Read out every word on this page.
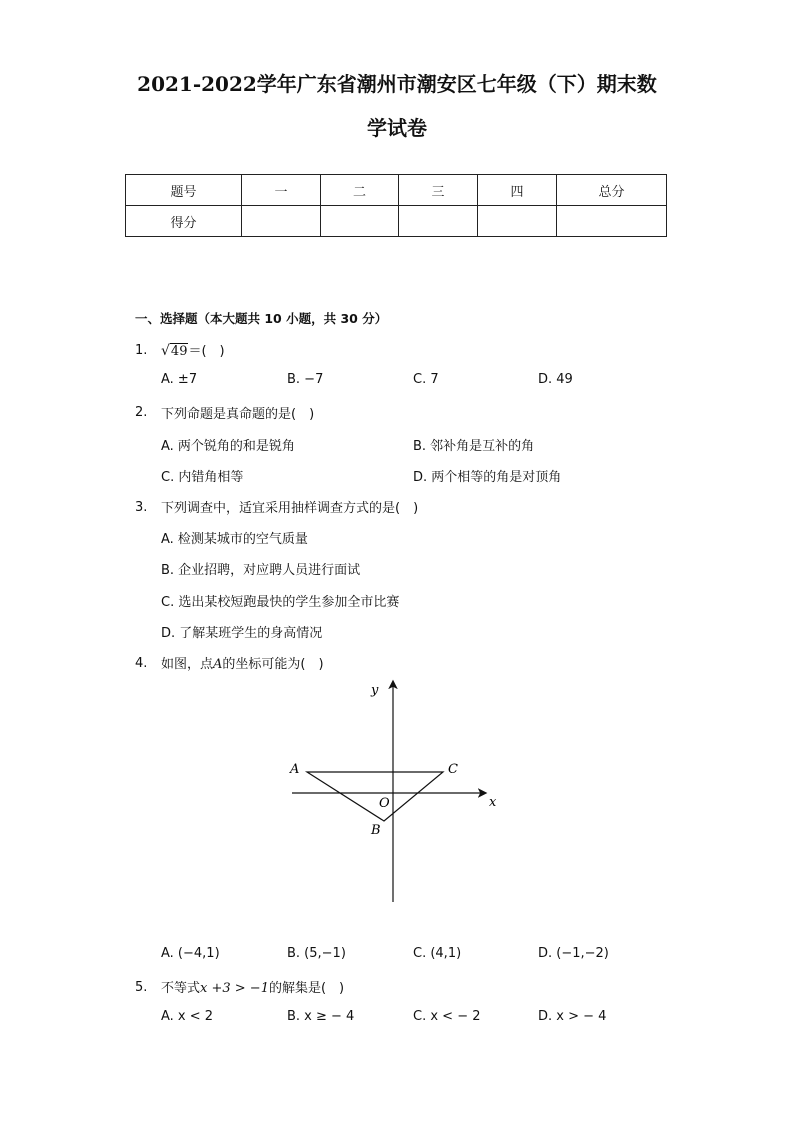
2021-2022学年广东省潮州市潮安区七年级（下）期末数
学试卷
题号	一	二	三	四	总分
得分					
一、选择题（本大题共 10 小题，共 30 分）
1. √49＝(　)
A. ±7	B. −7	C. 7	D. 49
2. 下列命题是真命题的是(　)
A. 两个锐角的和是锐角	B. 邻补角是互补的角
C. 内错角相等	D. 两个相等的角是对顶角
3. 下列调查中，适宜采用抽样调查方式的是(　)
A. 检测某城市的空气质量
B. 企业招聘，对应聘人员进行面试
C. 选出某校短跑最快的学生参加全市比赛
D. 了解某班学生的身高情况
4. 如图，点A的坐标可能为(　)
y
x
O
A
B
C
A. (−4,1)	B. (5,−1)	C. (4,1)	D. (−1,−2)
5. 不等式x +3 > −1的解集是(　)
A. x < 2	B. x ≥ − 4	C. x < − 2	D. x > − 4
